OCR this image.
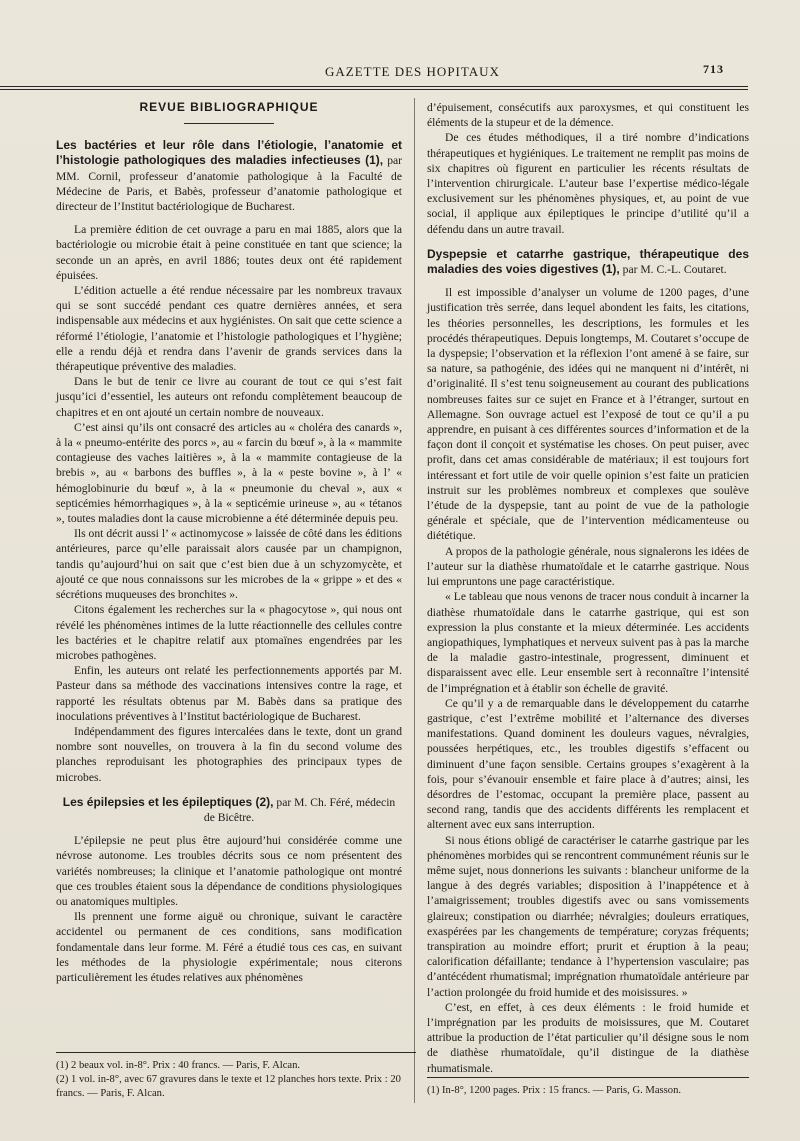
GAZETTE DES HOPITAUX	713
REVUE BIBLIOGRAPHIQUE

Les bactéries et leur rôle dans l’étiologie, l’anatomie et l’histologie pathologiques des maladies infectieuses (1), par MM. Cornil, professeur d’anatomie pathologique à la Faculté de Médecine de Paris, et Babès, professeur d’anatomie pathologique et directeur de l’Institut bactériologique de Bucharest.

La première édition de cet ouvrage a paru en mai 1885, alors que la bactériologie ou microbie était à peine constituée en tant que science; la seconde un an après, en avril 1886; toutes deux ont été rapidement épuisées.

L’édition actuelle a été rendue nécessaire par les nombreux travaux qui se sont succédé pendant ces quatre dernières années, et sera indispensable aux médecins et aux hygiénistes. On sait que cette science a réformé l’étiologie, l’anatomie et l’histologie pathologiques et l’hygiène; elle a rendu déjà et rendra dans l’avenir de grands services dans la thérapeutique préventive des maladies.

Dans le but de tenir ce livre au courant de tout ce qui s’est fait jusqu’ici d’essentiel, les auteurs ont refondu complètement beaucoup de chapitres et en ont ajouté un certain nombre de nouveaux.

C’est ainsi qu’ils ont consacré des articles au « choléra des canards », à la « pneumo-entérite des porcs », au « farcin du bœuf », à la « mammite contagieuse des vaches laitières », à la « mammite contagieuse de la brebis », au « barbons des buffles », à la « peste bovine », à l’ « hémoglobinurie du bœuf », à la « pneumonie du cheval », aux « septicémies hémorrhagiques », à la « septicémie urineuse », au « tétanos », toutes maladies dont la cause microbienne a été déterminée depuis peu.

Ils ont décrit aussi l’ « actinomycose » laissée de côté dans les éditions antérieures, parce qu’elle paraissait alors causée par un champignon, tandis qu’aujourd’hui on sait que c’est bien due à un schyzomycète, et ajouté ce que nous connaissons sur les microbes de la « grippe » et des « sécrétions muqueuses des bronchites ».

Citons également les recherches sur la « phagocytose », qui nous ont révélé les phénomènes intimes de la lutte réactionnelle des cellules contre les bactéries et le chapitre relatif aux ptomaïnes engendrées par les microbes pathogènes.

Enfin, les auteurs ont relaté les perfectionnements apportés par M. Pasteur dans sa méthode des vaccinations intensives contre la rage, et rapporté les résultats obtenus par M. Babès dans sa pratique des inoculations préventives à l’Institut bactériologique de Bucharest.

Indépendamment des figures intercalées dans le texte, dont un grand nombre sont nouvelles, on trouvera à la fin du second volume des planches reproduisant les photographies des principaux types de microbes.

Les épilepsies et les épileptiques (2), par M. Ch. Féré, médecin de Bicêtre.

L’épilepsie ne peut plus être aujourd’hui considérée comme une névrose autonome. Les troubles décrits sous ce nom présentent des variétés nombreuses; la clinique et l’anatomie pathologique ont montré que ces troubles étaient sous la dépendance de conditions physiologiques ou anatomiques multiples.

Ils prennent une forme aiguë ou chronique, suivant le caractère accidentel ou permanent de ces conditions, sans modification fondamentale dans leur forme. M. Féré a étudié tous ces cas, en suivant les méthodes de la physiologie expérimentale; nous citerons particulièrement les études relatives aux phénomènes

(1) 2 beaux vol. in-8°. Prix : 40 francs. — Paris, F. Alcan.
(2) 1 vol. in-8°, avec 67 gravures dans le texte et 12 planches hors texte. Prix : 20 francs. — Paris, F. Alcan.

d’épuisement, consécutifs aux paroxysmes, et qui constituent les éléments de la stupeur et de la démence.

De ces études méthodiques, il a tiré nombre d’indications thérapeutiques et hygiéniques. Le traitement ne remplit pas moins de six chapitres où figurent en particulier les récents résultats de l’intervention chirurgicale. L’auteur base l’expertise médico-légale exclusivement sur les phénomènes physiques, et, au point de vue social, il applique aux épileptiques le principe d’utilité qu’il a défendu dans un autre travail.

Dyspepsie et catarrhe gastrique, thérapeutique des maladies des voies digestives (1), par M. C.-L. Coutaret.

Il est impossible d’analyser un volume de 1200 pages, d’une justification très serrée, dans lequel abondent les faits, les citations, les théories personnelles, les descriptions, les formules et les procédés thérapeutiques. Depuis longtemps, M. Coutaret s’occupe de la dyspepsie; l’observation et la réflexion l’ont amené à se faire, sur sa nature, sa pathogénie, des idées qui ne manquent ni d’intérêt, ni d’originalité. Il s’est tenu soigneusement au courant des publications nombreuses faites sur ce sujet en France et à l’étranger, surtout en Allemagne. Son ouvrage actuel est l’exposé de tout ce qu’il a pu apprendre, en puisant à ces différentes sources d’information et de la façon dont il conçoit et systématise les choses. On peut puiser, avec profit, dans cet amas considérable de matériaux; il est toujours fort intéressant et fort utile de voir quelle opinion s’est faite un praticien instruit sur les problèmes nombreux et complexes que soulève l’étude de la dyspepsie, tant au point de vue de la pathologie générale et spéciale, que de l’intervention médicamenteuse ou diététique.

A propos de la pathologie générale, nous signalerons les idées de l’auteur sur la diathèse rhumatoïdale et le catarrhe gastrique. Nous lui empruntons une page caractéristique.

« Le tableau que nous venons de tracer nous conduit à incarner la diathèse rhumatoïdale dans le catarrhe gastrique, qui est son expression la plus constante et la mieux déterminée. Les accidents angiopathiques, lymphatiques et nerveux suivent pas à pas la marche de la maladie gastro-intestinale, progressent, diminuent et disparaissent avec elle. Leur ensemble sert à reconnaître l’intensité de l’imprégnation et à établir son échelle de gravité.

Ce qu’il y a de remarquable dans le développement du catarrhe gastrique, c’est l’extrême mobilité et l’alternance des diverses manifestations. Quand dominent les douleurs vagues, névralgies, poussées herpétiques, etc., les troubles digestifs s’effacent ou diminuent d’une façon sensible. Certains groupes s’exagèrent à la fois, pour s’évanouir ensemble et faire place à d’autres; ainsi, les désordres de l’estomac, occupant la première place, passent au second rang, tandis que des accidents différents les remplacent et alternent avec eux sans interruption.

Si nous étions obligé de caractériser le catarrhe gastrique par les phénomènes morbides qui se rencontrent communément réunis sur le même sujet, nous donnerions les suivants : blancheur uniforme de la langue à des degrés variables; disposition à l’inappétence et à l’amaigrissement; troubles digestifs avec ou sans vomissements glaireux; constipation ou diarrhée; névralgies; douleurs erratiques, exaspérées par les changements de température; coryzas fréquents; transpiration au moindre effort; prurit et éruption à la peau; calorification défaillante; tendance à l’hypertension vasculaire; pas d’antécédent rhumatismal; imprégnation rhumatoïdale antérieure par l’action prolongée du froid humide et des moisissures. »

C’est, en effet, à ces deux éléments : le froid humide et l’imprégnation par les produits de moisissures, que M. Coutaret attribue la production de l’état particulier qu’il désigne sous le nom de diathèse rhumatoïdale, qu’il distingue de la diathèse rhumatismale.

(1) In-8°, 1200 pages. Prix : 15 francs. — Paris, G. Masson.
